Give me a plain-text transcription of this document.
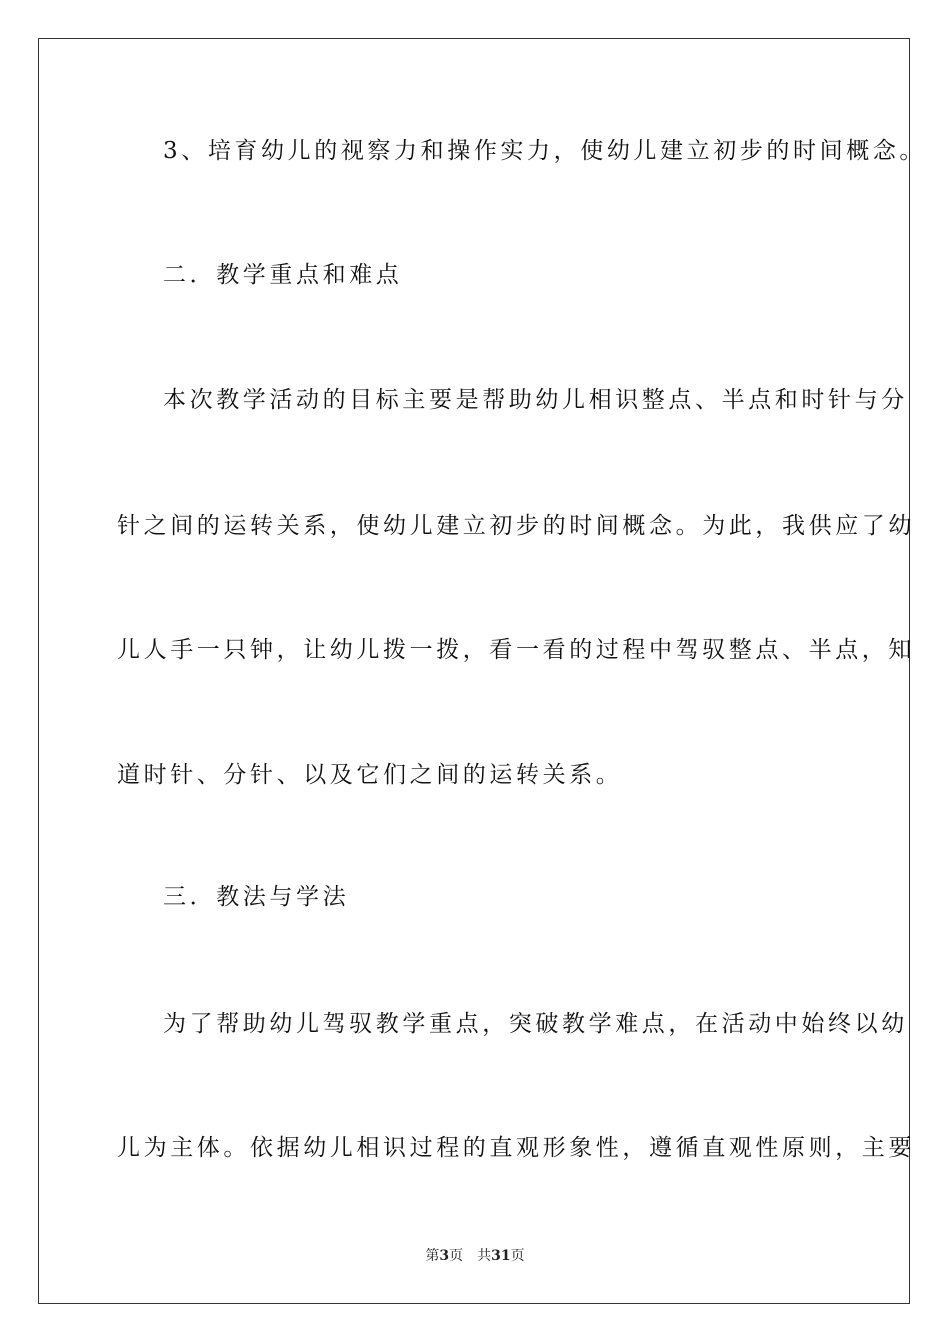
3、培育幼儿的视察力和操作实力，使幼儿建立初步的时间概念。
二．教学重点和难点
本次教学活动的目标主要是帮助幼儿相识整点、半点和时针与分
针之间的运转关系，使幼儿建立初步的时间概念。为此，我供应了幼
儿人手一只钟，让幼儿拨一拨，看一看的过程中驾驭整点、半点，知
道时针、分针、以及它们之间的运转关系。
三．教法与学法
为了帮助幼儿驾驭教学重点，突破教学难点，在活动中始终以幼
儿为主体。依据幼儿相识过程的直观形象性，遵循直观性原则，主要
第3页 共31页
